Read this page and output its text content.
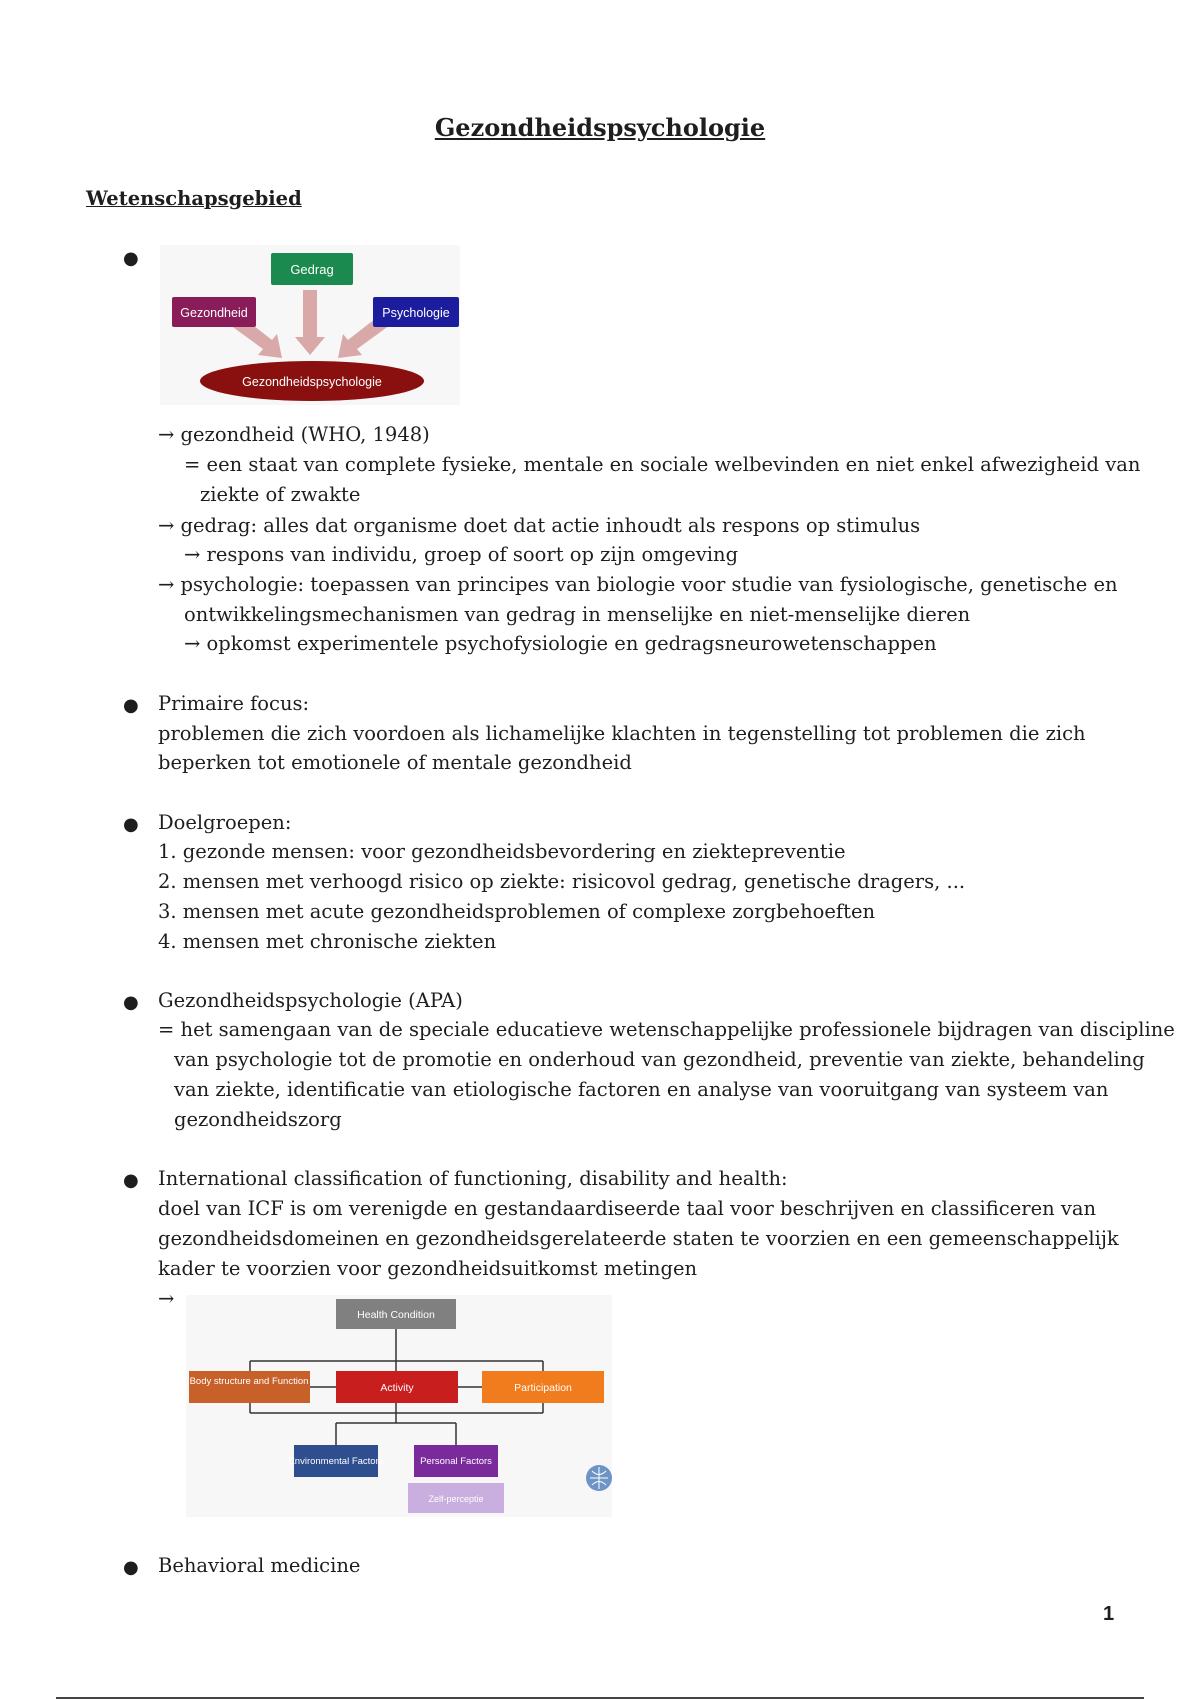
Gezondheidspsychologie
Wetenschapsgebied
●
Gedrag
Gezondheid	Psychologie
Gezondheidspsychologie
→ gezondheid (WHO, 1948)
= een staat van complete fysieke, mentale en sociale welbevinden en niet enkel afwezigheid van
ziekte of zwakte
→ gedrag: alles dat organisme doet dat actie inhoudt als respons op stimulus
→ respons van individu, groep of soort op zijn omgeving
→ psychologie: toepassen van principes van biologie voor studie van fysiologische, genetische en
ontwikkelingsmechanismen van gedrag in menselijke en niet-menselijke dieren
→ opkomst experimentele psychofysiologie en gedragsneurowetenschappen
● Primaire focus:
problemen die zich voordoen als lichamelijke klachten in tegenstelling tot problemen die zich
beperken tot emotionele of mentale gezondheid
● Doelgroepen:
1. gezonde mensen: voor gezondheidsbevordering en ziektepreventie
2. mensen met verhoogd risico op ziekte: risicovol gedrag, genetische dragers, ...
3. mensen met acute gezondheidsproblemen of complexe zorgbehoeften
4. mensen met chronische ziekten
● Gezondheidspsychologie (APA)
= het samengaan van de speciale educatieve wetenschappelijke professionele bijdragen van discipline
van psychologie tot de promotie en onderhoud van gezondheid, preventie van ziekte, behandeling
van ziekte, identificatie van etiologische factoren en analyse van vooruitgang van systeem van
gezondheidszorg
● International classification of functioning, disability and health:
doel van ICF is om verenigde en gestandaardiseerde taal voor beschrijven en classificeren van
gezondheidsdomeinen en gezondheidsgerelateerde staten te voorzien en een gemeenschappelijk
kader te voorzien voor gezondheidsuitkomst metingen
→
Health Condition
Body structure and Function
Activity	Participation
Environmental Factors	Personal Factors
Zelf-perceptie
● Behavioral medicine
1
